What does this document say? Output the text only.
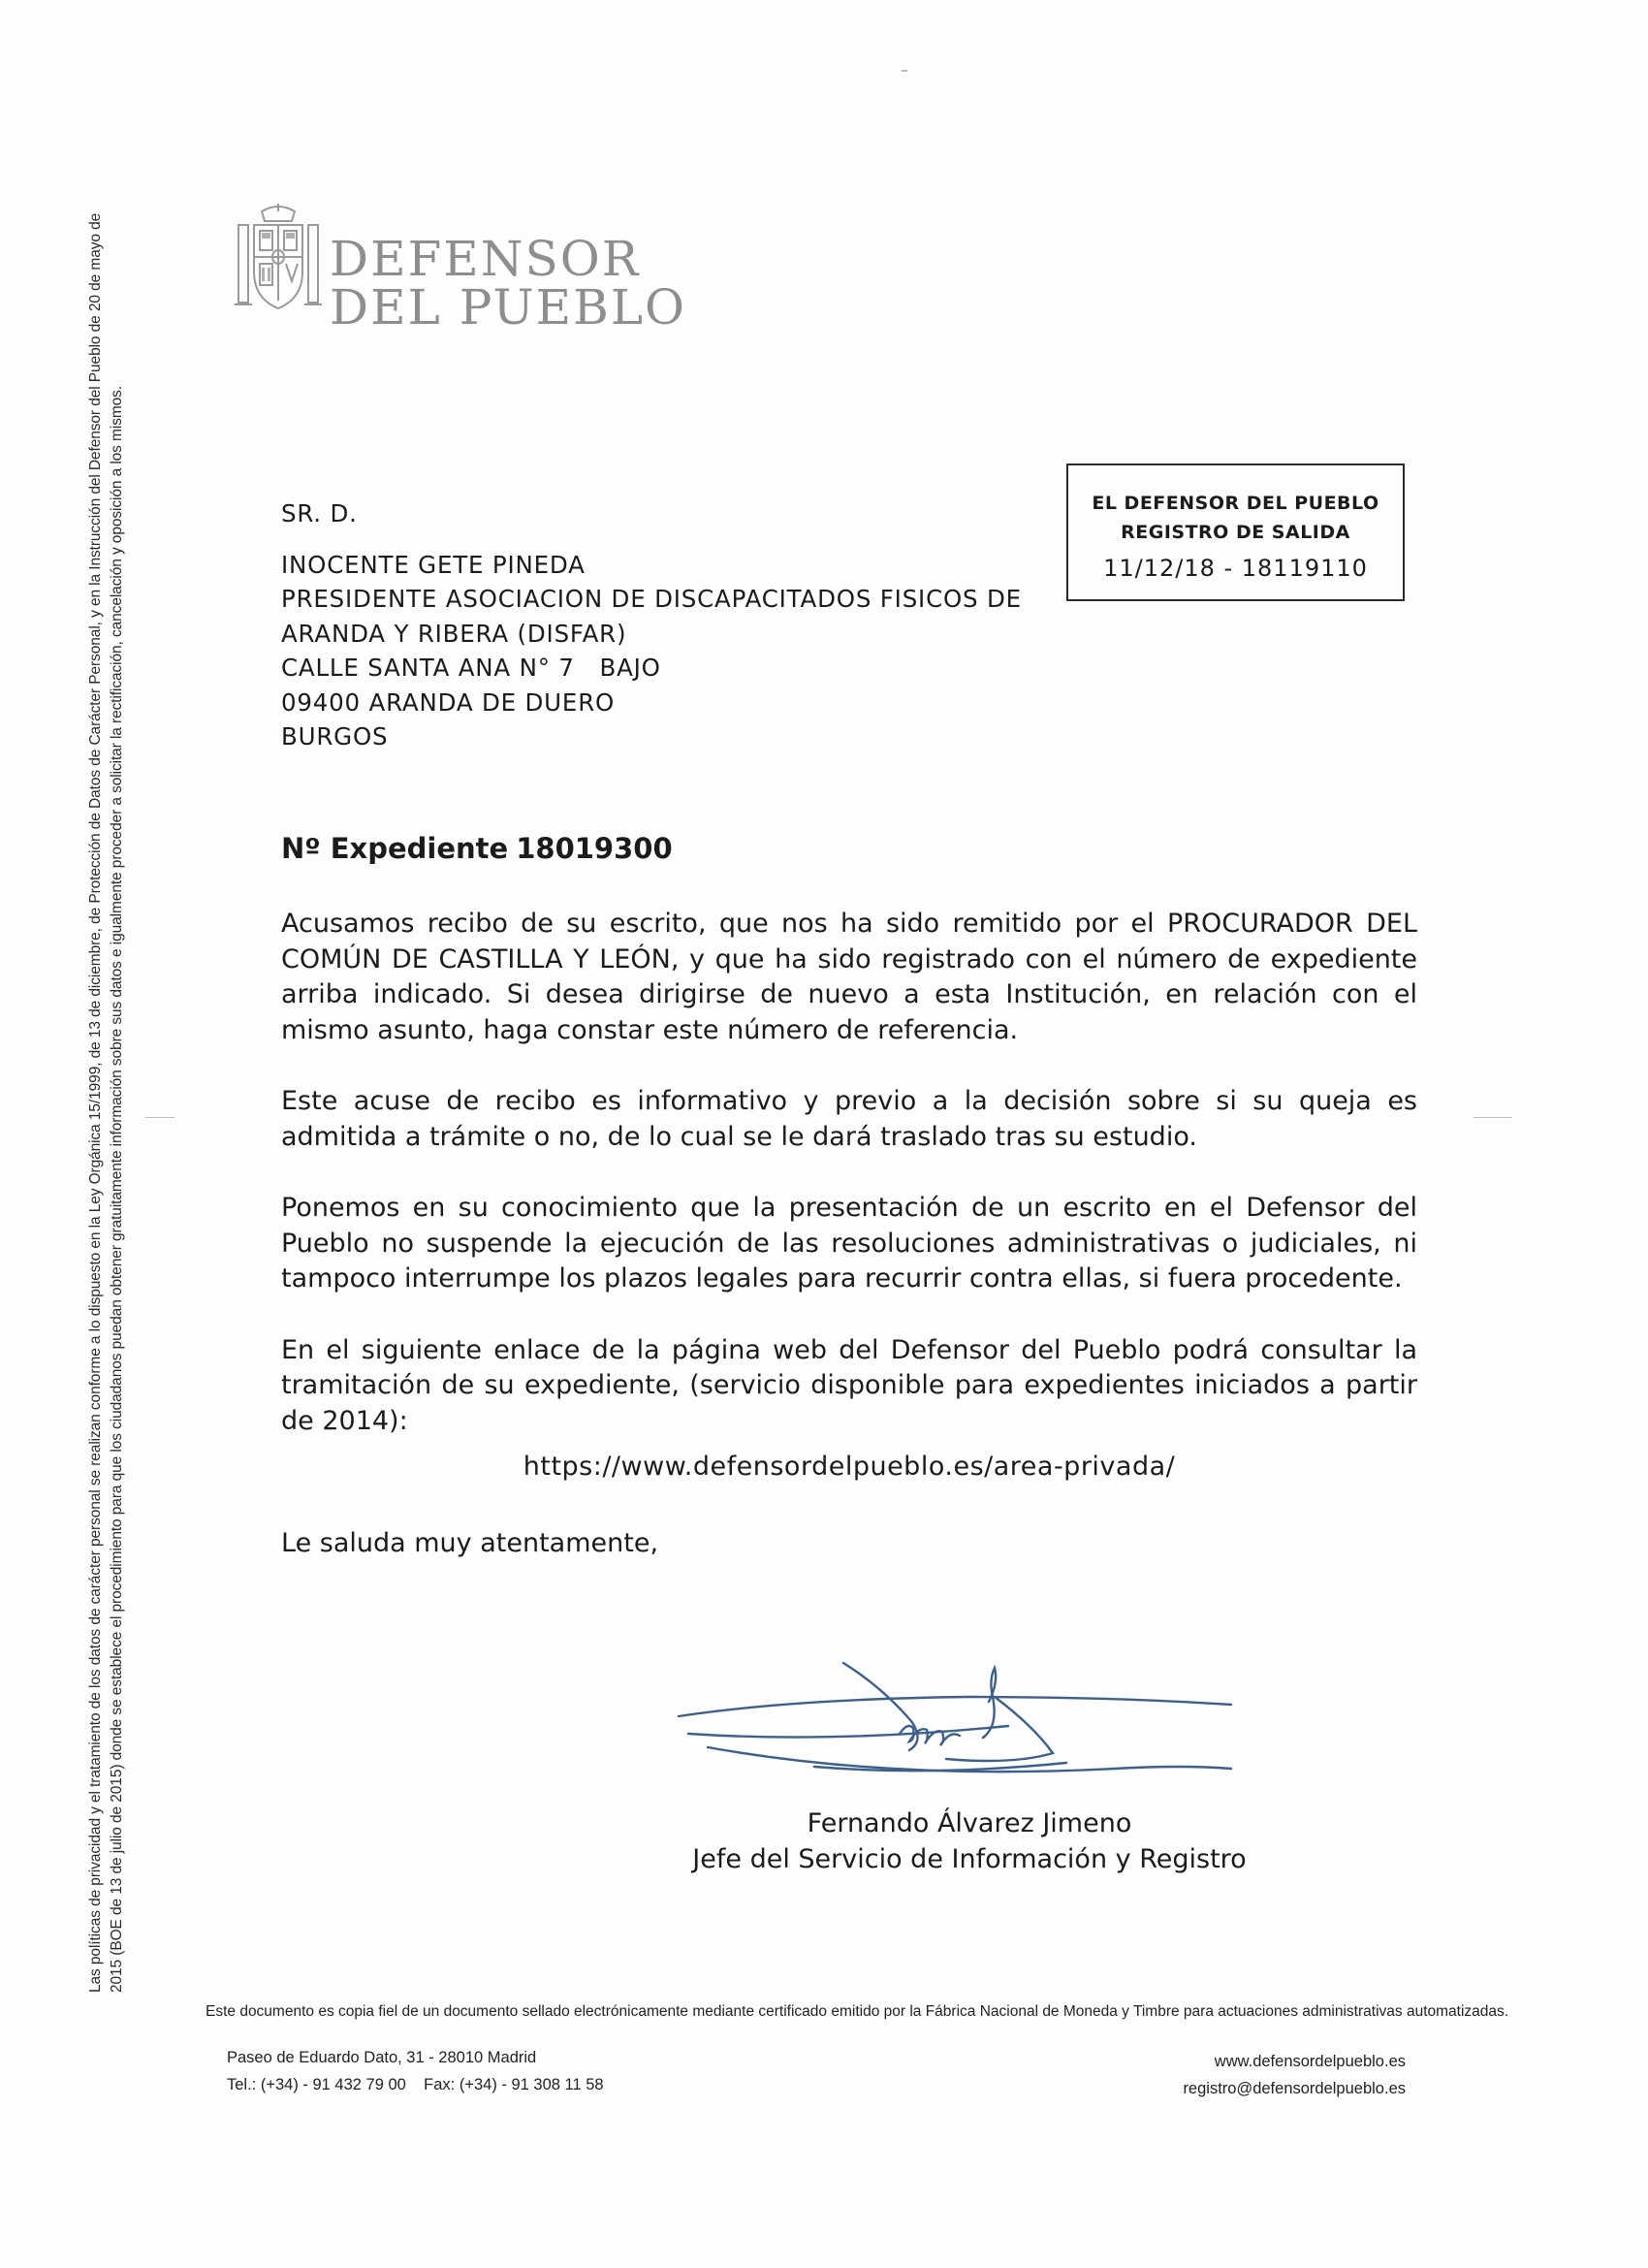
DEFENSOR
DEL PUEBLO
Las políticas de privacidad y el tratamiento de los datos de carácter personal se realizan conforme a lo dispuesto en la Ley Orgánica 15/1999, de 13 de diciembre, de Protección de Datos de Carácter Personal, y en la Instrucción del Defensor del Pueblo de 20 de mayo de 2015 (BOE de 13 de julio de 2015) donde se establece el procedimiento para que los ciudadanos puedan obtener gratuitamente información sobre sus datos e igualmente proceder a solicitar la rectificación, cancelación y oposición a los mismos.	EL DEFENSOR DEL PUEBLO
REGISTRO DE SALIDA
11/12/18 - 18119110
SR. D.
INOCENTE GETE PINEDA
PRESIDENTE ASOCIACION DE DISCAPACITADOS FISICOS DE
ARANDA Y RIBERA (DISFAR)
CALLE SANTA ANA N° 7   BAJO
09400 ARANDA DE DUERO
BURGOS
Nº Expediente 18019300

Acusamos recibo de su escrito, que nos ha sido remitido por el PROCURADOR DEL COMÚN DE CASTILLA Y LEÓN, y que ha sido registrado con el número de expediente arriba indicado. Si desea dirigirse de nuevo a esta Institución, en relación con el mismo asunto, haga constar este número de referencia.

Este acuse de recibo es informativo y previo a la decisión sobre si su queja es admitida a trámite o no, de lo cual se le dará traslado tras su estudio.

Ponemos en su conocimiento que la presentación de un escrito en el Defensor del Pueblo no suspende la ejecución de las resoluciones administrativas o judiciales, ni tampoco interrumpe los plazos legales para recurrir contra ellas, si fuera procedente.

En el siguiente enlace de la página web del Defensor del Pueblo podrá consultar la tramitación de su expediente, (servicio disponible para expedientes iniciados a partir de 2014):

https://www.defensordelpueblo.es/area-privada/

Le saluda muy atentamente,

Fernando Álvarez Jimeno
Jefe del Servicio de Información y Registro
Este documento es copia fiel de un documento sellado electrónicamente mediante certificado emitido por la Fábrica Nacional de Moneda y Timbre para actuaciones administrativas automatizadas.
Paseo de Eduardo Dato, 31 - 28010 Madrid
Tel.: (+34) - 91 432 79 00    Fax: (+34) - 91 308 11 58
www.defensordelpueblo.es
registro@defensordelpueblo.es
